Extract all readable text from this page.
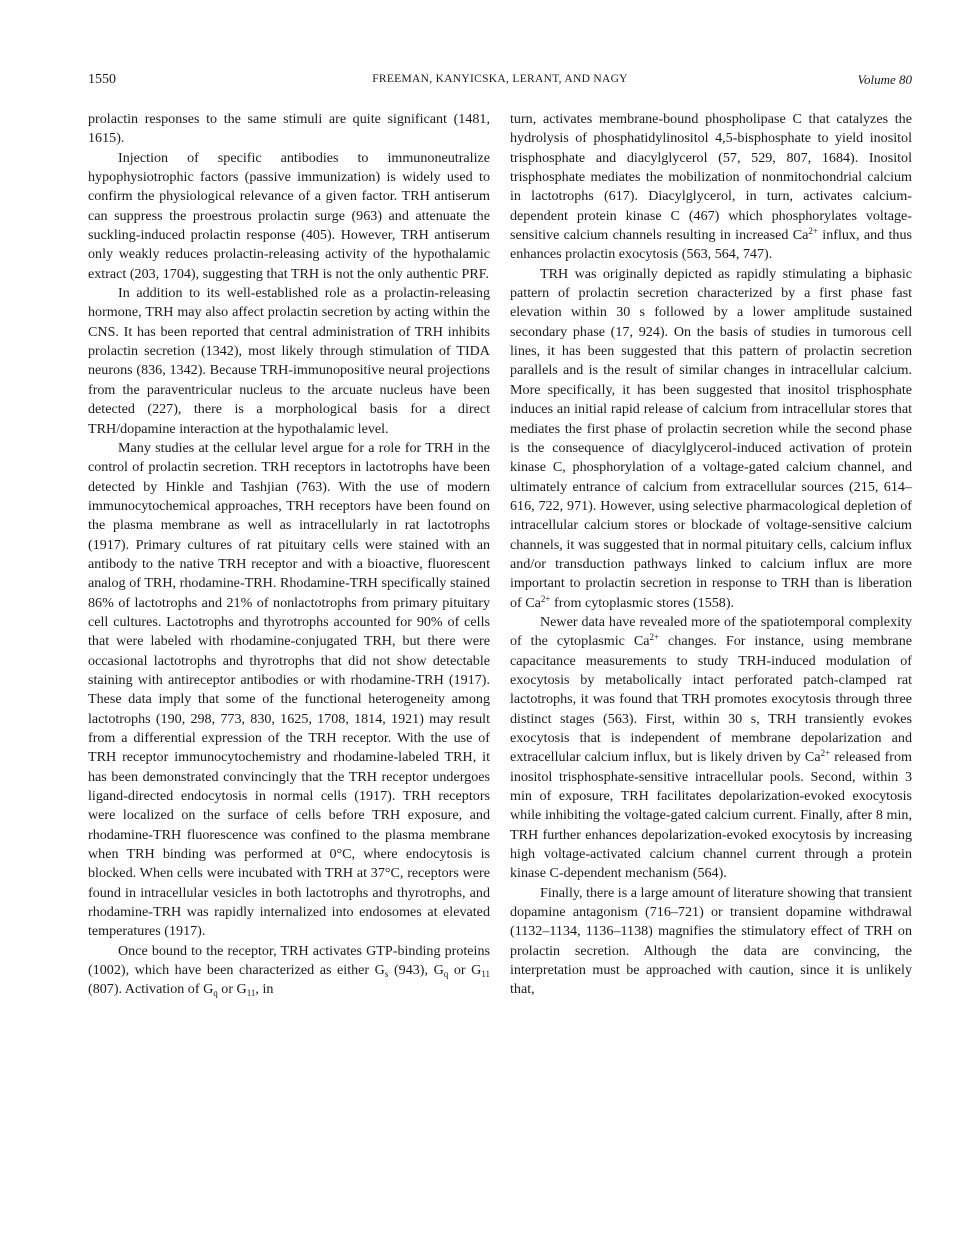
1550	FREEMAN, KANYICSKA, LERANT, AND NAGY	Volume 80

prolactin responses to the same stimuli are quite significant (1481, 1615).

Injection of specific antibodies to immunoneutralize hypophysiotrophic factors (passive immunization) is widely used to confirm the physiological relevance of a given factor. TRH antiserum can suppress the proestrous prolactin surge (963) and attenuate the suckling-induced prolactin response (405). However, TRH antiserum only weakly reduces prolactin-releasing activity of the hypothalamic extract (203, 1704), suggesting that TRH is not the only authentic PRF.

In addition to its well-established role as a prolactin-releasing hormone, TRH may also affect prolactin secretion by acting within the CNS. It has been reported that central administration of TRH inhibits prolactin secretion (1342), most likely through stimulation of TIDA neurons (836, 1342). Because TRH-immunopositive neural projections from the paraventricular nucleus to the arcuate nucleus have been detected (227), there is a morphological basis for a direct TRH/dopamine interaction at the hypothalamic level.

Many studies at the cellular level argue for a role for TRH in the control of prolactin secretion. TRH receptors in lactotrophs have been detected by Hinkle and Tashjian (763). With the use of modern immunocytochemical approaches, TRH receptors have been found on the plasma membrane as well as intracellularly in rat lactotrophs (1917). Primary cultures of rat pituitary cells were stained with an antibody to the native TRH receptor and with a bioactive, fluorescent analog of TRH, rhodamine-TRH. Rhodamine-TRH specifically stained 86% of lactotrophs and 21% of nonlactotrophs from primary pituitary cell cultures. Lactotrophs and thyrotrophs accounted for 90% of cells that were labeled with rhodamine-conjugated TRH, but there were occasional lactotrophs and thyrotrophs that did not show detectable staining with antireceptor antibodies or with rhodamine-TRH (1917). These data imply that some of the functional heterogeneity among lactotrophs (190, 298, 773, 830, 1625, 1708, 1814, 1921) may result from a differential expression of the TRH receptor. With the use of TRH receptor immunocytochemistry and rhodamine-labeled TRH, it has been demonstrated convincingly that the TRH receptor undergoes ligand-directed endocytosis in normal cells (1917). TRH receptors were localized on the surface of cells before TRH exposure, and rhodamine-TRH fluorescence was confined to the plasma membrane when TRH binding was performed at 0°C, where endocytosis is blocked. When cells were incubated with TRH at 37°C, receptors were found in intracellular vesicles in both lactotrophs and thyrotrophs, and rhodamine-TRH was rapidly internalized into endosomes at elevated temperatures (1917).

Once bound to the receptor, TRH activates GTP-binding proteins (1002), which have been characterized as either $G_s$ (943), $G_q$ or $G_{11}$ (807). Activation of $G_q$ or $G_{11}$, in

turn, activates membrane-bound phospholipase C that catalyzes the hydrolysis of phosphatidylinositol 4,5-bisphosphate to yield inositol trisphosphate and diacylglycerol (57, 529, 807, 1684). Inositol trisphosphate mediates the mobilization of nonmitochondrial calcium in lactotrophs (617). Diacylglycerol, in turn, activates calcium-dependent protein kinase C (467) which phosphorylates voltage-sensitive calcium channels resulting in increased $Ca^{2+}$ influx, and thus enhances prolactin exocytosis (563, 564, 747).

TRH was originally depicted as rapidly stimulating a biphasic pattern of prolactin secretion characterized by a first phase fast elevation within 30 s followed by a lower amplitude sustained secondary phase (17, 924). On the basis of studies in tumorous cell lines, it has been suggested that this pattern of prolactin secretion parallels and is the result of similar changes in intracellular calcium. More specifically, it has been suggested that inositol trisphosphate induces an initial rapid release of calcium from intracellular stores that mediates the first phase of prolactin secretion while the second phase is the consequence of diacylglycerol-induced activation of protein kinase C, phosphorylation of a voltage-gated calcium channel, and ultimately entrance of calcium from extracellular sources (215, 614–616, 722, 971). However, using selective pharmacological depletion of intracellular calcium stores or blockade of voltage-sensitive calcium channels, it was suggested that in normal pituitary cells, calcium influx and/or transduction pathways linked to calcium influx are more important to prolactin secretion in response to TRH than is liberation of $Ca^{2+}$ from cytoplasmic stores (1558).

Newer data have revealed more of the spatiotemporal complexity of the cytoplasmic $Ca^{2+}$ changes. For instance, using membrane capacitance measurements to study TRH-induced modulation of exocytosis by metabolically intact perforated patch-clamped rat lactotrophs, it was found that TRH promotes exocytosis through three distinct stages (563). First, within 30 s, TRH transiently evokes exocytosis that is independent of membrane depolarization and extracellular calcium influx, but is likely driven by $Ca^{2+}$ released from inositol trisphosphate-sensitive intracellular pools. Second, within 3 min of exposure, TRH facilitates depolarization-evoked exocytosis while inhibiting the voltage-gated calcium current. Finally, after 8 min, TRH further enhances depolarization-evoked exocytosis by increasing high voltage-activated calcium channel current through a protein kinase C-dependent mechanism (564).

Finally, there is a large amount of literature showing that transient dopamine antagonism (716–721) or transient dopamine withdrawal (1132–1134, 1136–1138) magnifies the stimulatory effect of TRH on prolactin secretion. Although the data are convincing, the interpretation must be approached with caution, since it is unlikely that,
